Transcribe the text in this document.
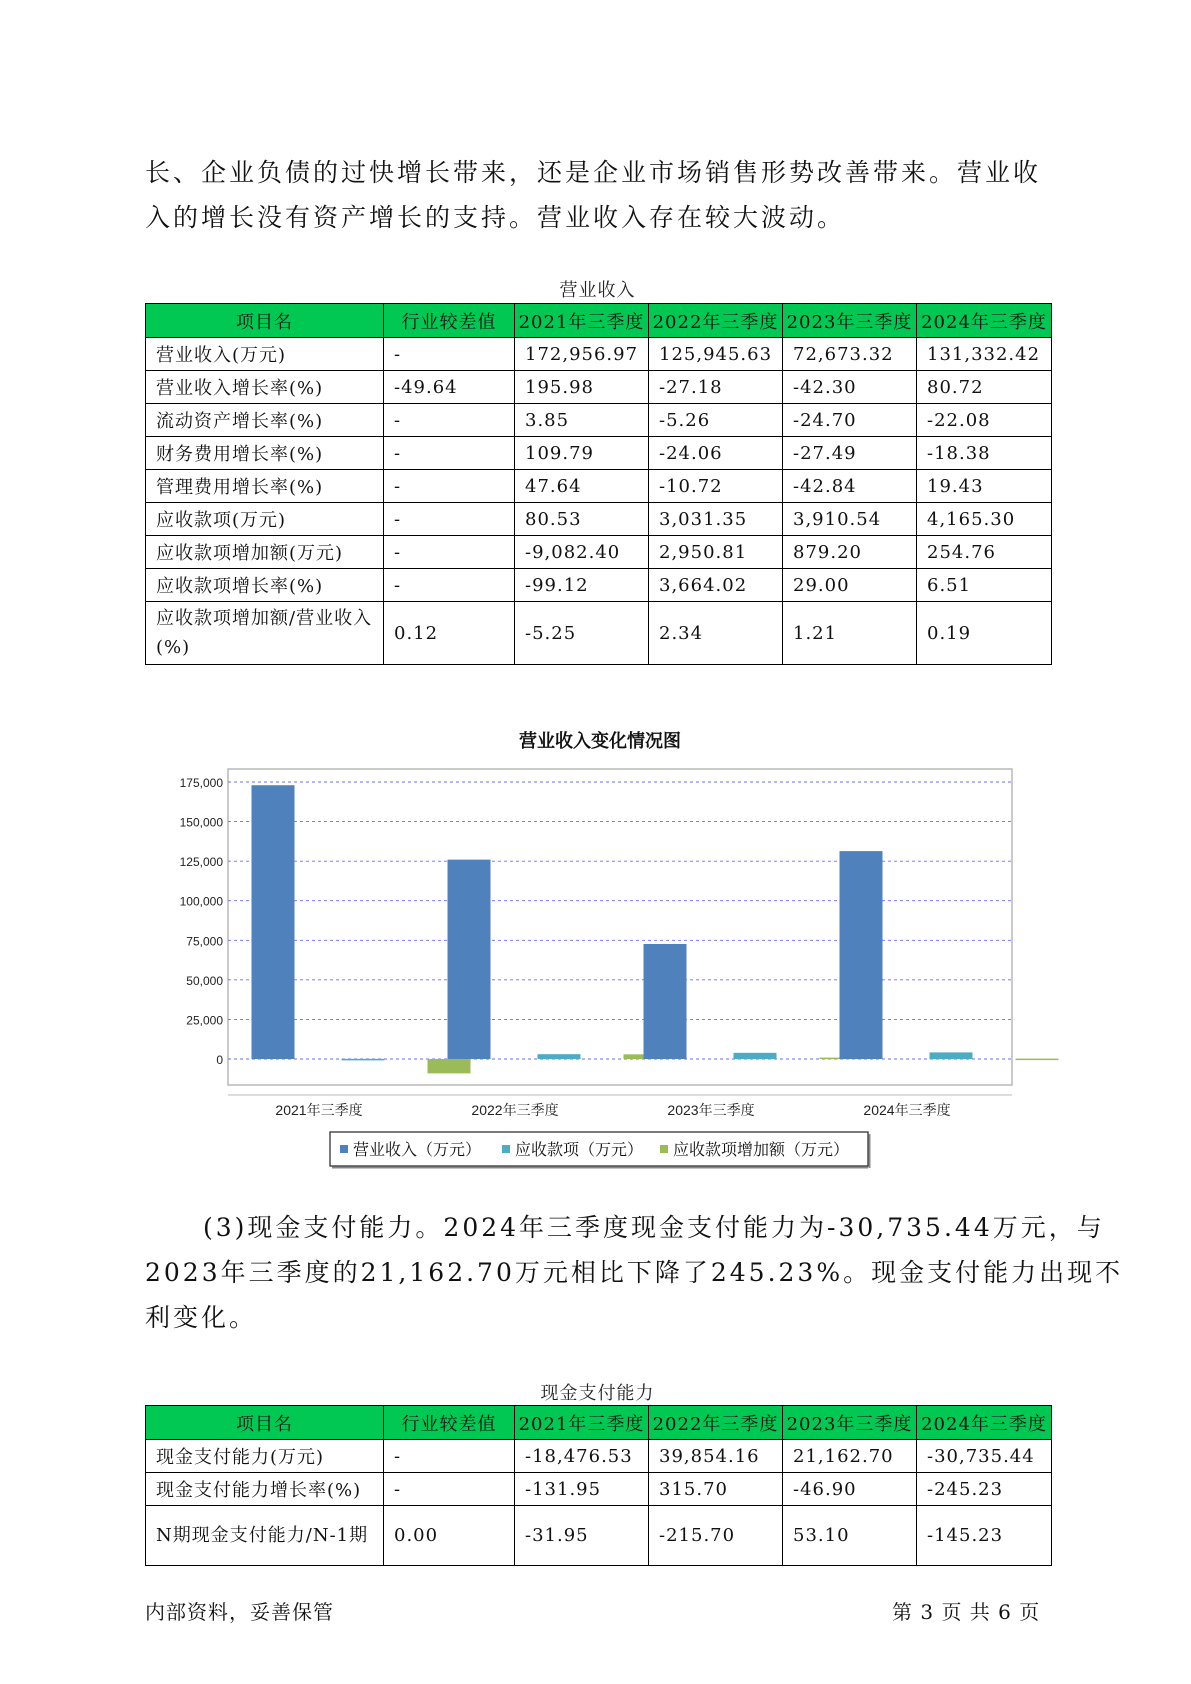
长、企业负债的过快增长带来，还是企业市场销售形势改善带来。营业收
入的增长没有资产增长的支持。营业收入存在较大波动。
营业收入
项目名	行业较差值	2021年三季度	2022年三季度	2023年三季度	2024年三季度
营业收入(万元)	-	172,956.97	125,945.63	72,673.32	131,332.42
营业收入增长率(%)	-49.64	195.98	-27.18	-42.30	80.72
流动资产增长率(%)	-	3.85	-5.26	-24.70	-22.08
财务费用增长率(%)	-	109.79	-24.06	-27.49	-18.38
管理费用增长率(%)	-	47.64	-10.72	-42.84	19.43
应收款项(万元)	-	80.53	3,031.35	3,910.54	4,165.30
应收款项增加额(万元)	-	-9,082.40	2,950.81	879.20	254.76
应收款项增长率(%)	-	-99.12	3,664.02	29.00	6.51
应收款项增加额/营业收入(%)	0.12	-5.25	2.34	1.21	0.19
营业收入变化情况图
0
25,000
50,000
75,000
100,000
125,000
150,000
175,000
2021年三季度	2022年三季度	2023年三季度	2024年三季度
营业收入（万元） 应收款项（万元） 应收款项增加额（万元）
(3)现金支付能力。2024年三季度现金支付能力为-30,735.44万元，与
2023年三季度的21,162.70万元相比下降了245.23%。现金支付能力出现不
利变化。
现金支付能力
项目名	行业较差值	2021年三季度	2022年三季度	2023年三季度	2024年三季度
现金支付能力(万元)	-	-18,476.53	39,854.16	21,162.70	-30,735.44
现金支付能力增长率(%)	-	-131.95	315.70	-46.90	-245.23
N期现金支付能力/N-1期	0.00	-31.95	-215.70	53.10	-145.23
内部资料，妥善保管	第 3 页 共 6 页
